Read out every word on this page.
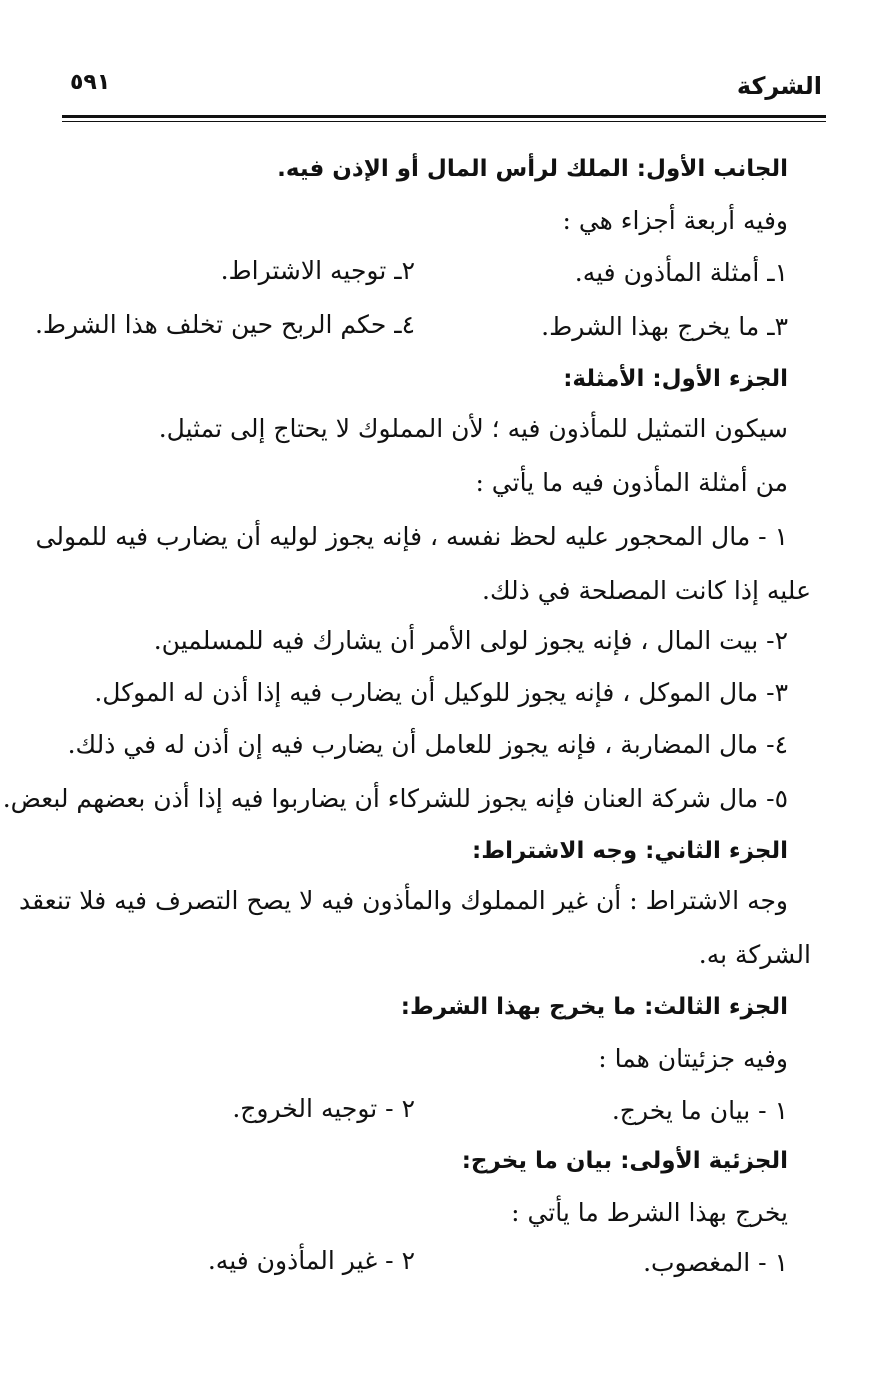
الشركة
٥٩١
الجانب الأول: الملك لرأس المال أو الإذن فيه.
وفيه أربعة أجزاء هي :
١ـ أمثلة المأذون فيه.
٢ـ توجيه الاشتراط.
٣ـ ما يخرج بهذا الشرط.
٤ـ حكم الربح حين تخلف هذا الشرط.
الجزء الأول: الأمثلة:
سيكون التمثيل للمأذون فيه ؛ لأن المملوك لا يحتاج إلى تمثيل.
من أمثلة المأذون فيه ما يأتي :
١ - مال المحجور عليه لحظ نفسه ، فإنه يجوز لوليه أن يضارب فيه للمولى
عليه إذا كانت المصلحة في ذلك.
٢- بيت المال ، فإنه يجوز لولى الأمر أن يشارك فيه للمسلمين.
٣- مال الموكل ، فإنه يجوز للوكيل أن يضارب فيه إذا أذن له الموكل.
٤- مال المضاربة ، فإنه يجوز للعامل أن يضارب فيه إن أذن له في ذلك.
٥- مال شركة العنان فإنه يجوز للشركاء أن يضاربوا فيه إذا أذن بعضهم لبعض.
الجزء الثاني: وجه الاشتراط:
وجه الاشتراط : أن غير المملوك والمأذون فيه لا يصح التصرف فيه فلا تنعقد
الشركة به.
الجزء الثالث: ما يخرج بهذا الشرط:
وفيه جزئيتان هما :
١ - بيان ما يخرج.
٢ - توجيه الخروج.
الجزئية الأولى: بيان ما يخرج:
يخرج بهذا الشرط ما يأتي :
١ - المغصوب.
٢ - غير المأذون فيه.
